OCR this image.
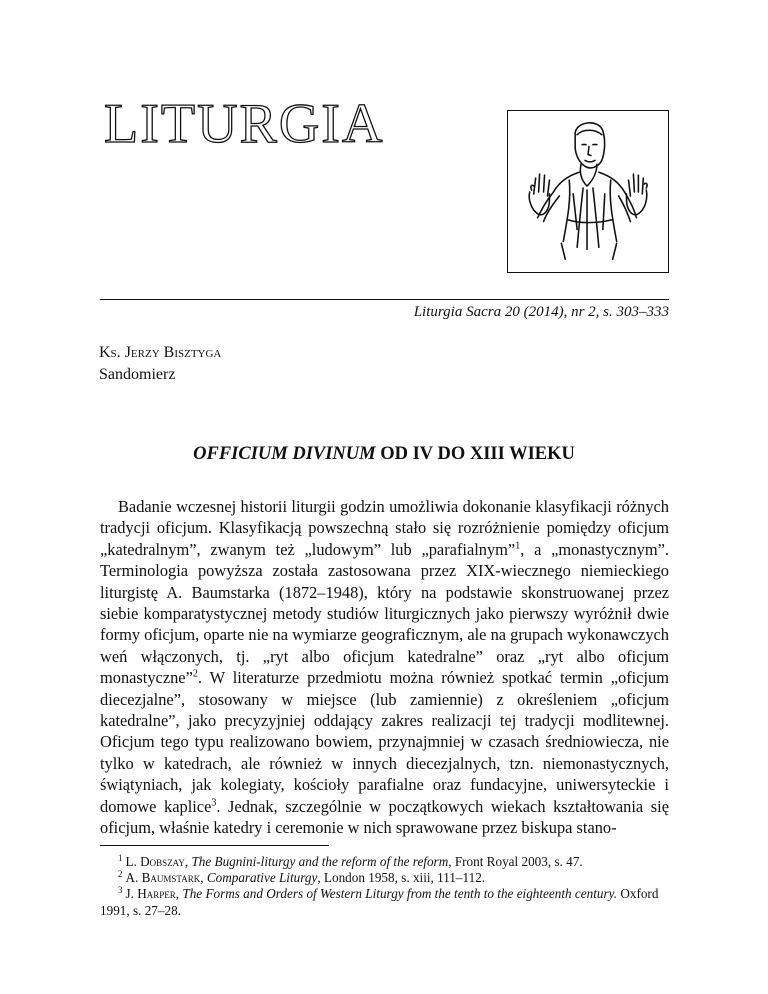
LITURGIA
Liturgia Sacra 20 (2014), nr 2, s. 303–333
Ks. Jerzy Bisztyga
Sandomierz
OFFICIUM DIVINUM OD IV DO XIII WIEKU

Badanie wczesnej historii liturgii godzin umożliwia dokonanie klasyfikacji różnych tradycji oficjum. Klasyfikacją powszechną stało się rozróżnienie pomiędzy oficjum „katedralnym”, zwanym też „ludowym” lub „parafialnym”$^1$, a „monastycznym”. Terminologia powyższa została zastosowana przez XIX-wiecznego niemieckiego liturgistę A. Baumstarka (1872–1948), który na podstawie skonstruowanej przez siebie komparatystycznej metody studiów liturgicznych jako pierwszy wyróżnił dwie formy oficjum, oparte nie na wymiarze geograficznym, ale na grupach wykonawczych weń włączonych, tj. „ryt albo oficjum katedralne” oraz „ryt albo oficjum monastyczne”$^2$. W literaturze przedmiotu można również spotkać termin „oficjum diecezjalne”, stosowany w miejsce (lub zamiennie) z określeniem „oficjum katedralne”, jako precyzyjniej oddający zakres realizacji tej tradycji modlitewnej. Oficjum tego typu realizowano bowiem, przynajmniej w czasach średniowiecza, nie tylko w katedrach, ale również w innych diecezjalnych, tzn. niemonastycznych, świątyniach, jak kolegiaty, kościoły parafialne oraz fundacyjne, uniwersyteckie i domowe kaplice$^3$. Jednak, szczególnie w początkowych wiekach kształtowania się oficjum, właśnie katedry i ceremonie w nich sprawowane przez biskupa stano-

$^1$ L. Dobszay, The Bugnini-liturgy and the reform of the reform, Front Royal 2003, s. 47.

$^2$ A. Baumstark, Comparative Liturgy, London 1958, s. xiii, 111–112.

$^3$ J. Harper, The Forms and Orders of Western Liturgy from the tenth to the eighteenth century. Oxford 1991, s. 27–28.
